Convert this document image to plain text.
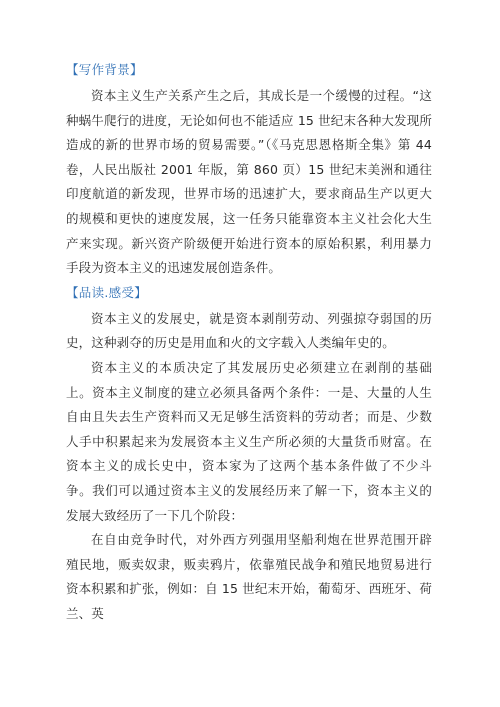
【写作背景】

资本主义生产关系产生之后，其成长是一个缓慢的过程。“这种蜗牛爬行的进度，无论如何也不能适应 15 世纪末各种大发现所造成的新的世界市场的贸易需要。”（《马克思恩格斯全集》第 44 卷，人民出版社 2001 年版，第 860 页）15 世纪末美洲和通往印度航道的新发现，世界市场的迅速扩大，要求商品生产以更大的规模和更快的速度发展，这一任务只能靠资本主义社会化大生产来实现。新兴资产阶级便开始进行资本的原始积累，利用暴力手段为资本主义的迅速发展创造条件。

【品读.感受】

资本主义的发展史，就是资本剥削劳动、列强掠夺弱国的历史，这种剥夺的历史是用血和火的文字载入人类编年史的。

资本主义的本质决定了其发展历史必须建立在剥削的基础上。资本主义制度的建立必须具备两个条件：一是、大量的人生自由且失去生产资料而又无足够生活资料的劳动者；而是、少数人手中积累起来为发展资本主义生产所必须的大量货币财富。在资本主义的成长史中，资本家为了这两个基本条件做了不少斗争。我们可以通过资本主义的发展经历来了解一下，资本主义的发展大致经历了一下几个阶段：

在自由竞争时代，对外西方列强用坚船利炮在世界范围开辟殖民地，贩卖奴隶，贩卖鸦片，依靠殖民战争和殖民地贸易进行资本积累和扩张，例如：自 15 世纪末开始，葡萄牙、西班牙、荷兰、英
